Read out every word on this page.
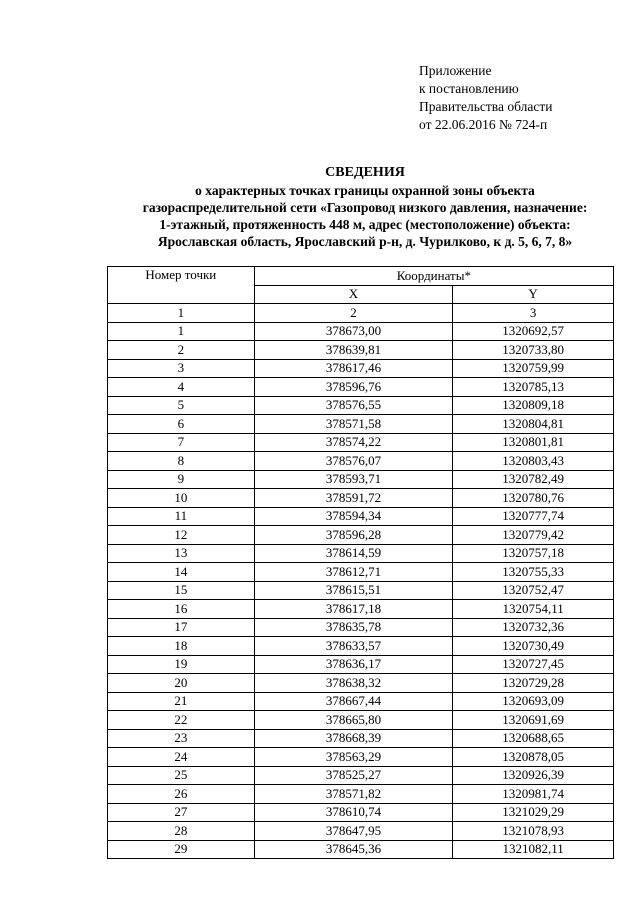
Приложение
к постановлению
Правительства области
от 22.06.2016 № 724-п
СВЕДЕНИЯ
о характерных точках границы охранной зоны объекта
газораспределительной сети «Газопровод низкого давления, назначение:
1-этажный, протяженность 448 м, адрес (местоположение) объекта:
Ярославская область, Ярославский р-н, д. Чурилково, к д. 5, 6, 7, 8»
Номер точки	Координаты*	
	X	Y
1	2	3
1	378673,00	1320692,57
2	378639,81	1320733,80
3	378617,46	1320759,99
4	378596,76	1320785,13
5	378576,55	1320809,18
6	378571,58	1320804,81
7	378574,22	1320801,81
8	378576,07	1320803,43
9	378593,71	1320782,49
10	378591,72	1320780,76
11	378594,34	1320777,74
12	378596,28	1320779,42
13	378614,59	1320757,18
14	378612,71	1320755,33
15	378615,51	1320752,47
16	378617,18	1320754,11
17	378635,78	1320732,36
18	378633,57	1320730,49
19	378636,17	1320727,45
20	378638,32	1320729,28
21	378667,44	1320693,09
22	378665,80	1320691,69
23	378668,39	1320688,65
24	378563,29	1320878,05
25	378525,27	1320926,39
26	378571,82	1320981,74
27	378610,74	1321029,29
28	378647,95	1321078,93
29	378645,36	1321082,11
